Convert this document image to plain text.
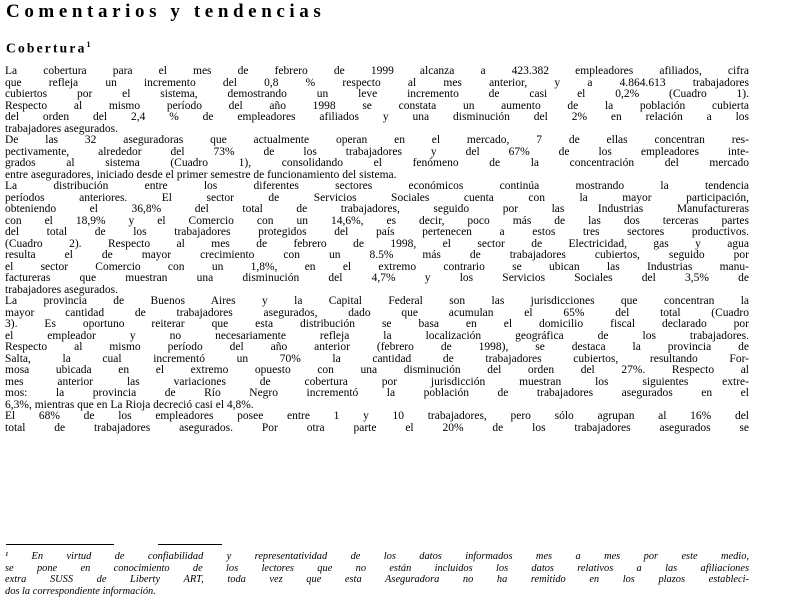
Comentarios y tendencias
Cobertura$^1$
La cobertura para el mes de febrero de 1999 alcanza a 423.382 empleadores afiliados, cifra
que refleja un incremento del 0,8 % respecto al mes anterior, y a 4.864.613 trabajadores
cubiertos por el sistema, demostrando un leve incremento de casi el 0,2% (Cuadro 1).
Respecto al mismo período del año 1998 se constata un aumento de la población cubierta
del orden del 2,4 % de empleadores afiliados y una disminución del 2% en relación a los
trabajadores asegurados.
De las 32 aseguradoras que actualmente operan en el mercado, 7 de ellas concentran res-
pectivamente, alrededor del 73% de los trabajadores y del 67% de los empleadores inte-
grados al sistema (Cuadro 1), consolidando el fenómeno de la concentración del mercado
entre aseguradores, iniciado desde el primer semestre de funcionamiento del sistema.
La distribución entre los diferentes sectores económicos continúa mostrando la tendencia
períodos anteriores. El sector de Servicios Sociales cuenta con la mayor participación,
obteniendo el 36,8% del total de trabajadores, seguido por las Industrias Manufactureras
con el 18,9% y el Comercio con un 14,6%, es decir, poco más de las dos terceras partes
del total de los trabajadores protegidos del país pertenecen a estos tres sectores productivos.
(Cuadro 2). Respecto al mes de febrero de 1998, el sector de Electricidad, gas y agua
resulta el de mayor crecimiento con un 8.5% más de trabajadores cubiertos, seguido por
el sector Comercio con un 1,8%, en el extremo contrario se ubican las Industrias manu-
factureras que muestran una disminución del 4,7% y los Servicios Sociales del 3,5% de
trabajadores asegurados.
La provincia de Buenos Aires y la Capital Federal son las jurisdicciones que concentran la
mayor cantidad de trabajadores asegurados, dado que acumulan el 65% del total (Cuadro
3). Es oportuno reiterar que esta distribución se basa en el domicilio fiscal declarado por
el empleador y no necesariamente refleja la localización geográfica de los trabajadores.
Respecto al mismo período del año anterior (febrero de 1998), se destaca la provincia de
Salta, la cual incrementó un 70% la cantidad de trabajadores cubiertos, resultando For-
mosa ubicada en el extremo opuesto con una disminución del orden del 27%. Respecto al
mes anterior las variaciones de cobertura por jurisdicción muestran los siguientes extre-
mos: la provincia de Río Negro incrementó la población de trabajadores asegurados en el
6,3%, mientras que en La Rioja decreció casi el 4,8%.
El 68% de los empleadores posee entre 1 y 10 trabajadores, pero sólo agrupan al 16% del
total de trabajadores asegurados. Por otra parte el 20% de los trabajadores asegurados se
¹ En virtud de confiabilidad y representatividad de los datos informados mes a mes por este medio,
se pone en conocimiento de los lectores que no están incluidos los datos relativos a las afiliaciones
extra SUSS de Liberty ART, toda vez que esta Aseguradora no ha remitido en los plazos estableci-
dos la correspondiente información.
